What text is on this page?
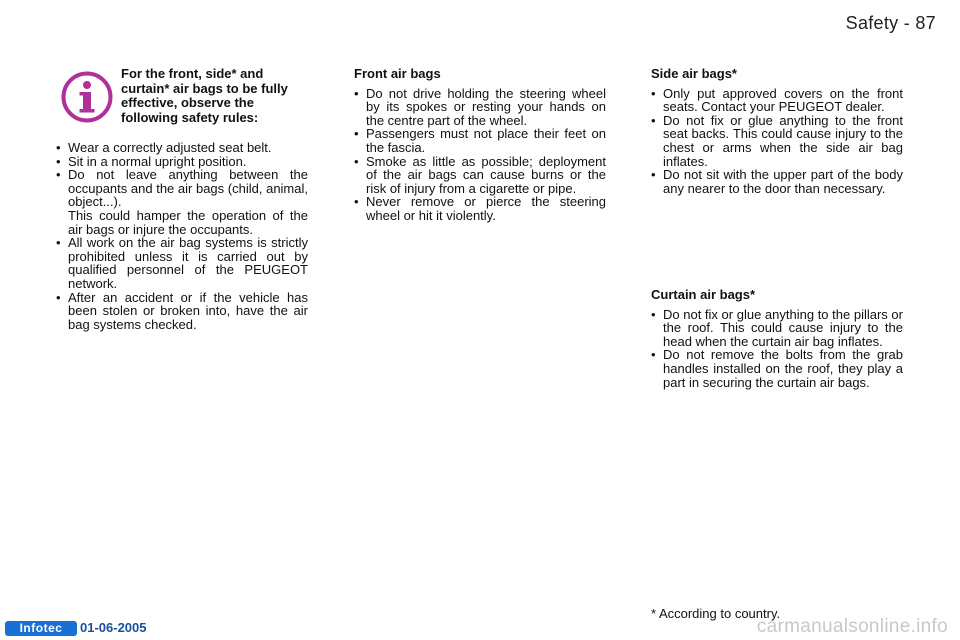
Safety - 87
For the front, side* and curtain* air bags to be fully effective, observe the following safety rules:
• Wear a correctly adjusted seat belt.
• Sit in a normal upright position.
• Do not leave anything between the occupants and the air bags (child, animal, object...).
This could hamper the operation of the air bags or injure the occupants.
• All work on the air bag systems is strictly prohibited unless it is carried out by qualified personnel of the PEUGEOT network.
• After an accident or if the vehicle has been stolen or broken into, have the air bag systems checked.
Front air bags
• Do not drive holding the steering wheel by its spokes or resting your hands on the centre part of the wheel.
• Passengers must not place their feet on the fascia.
• Smoke as little as possible; deployment of the air bags can cause burns or the risk of injury from a cigarette or pipe.
• Never remove or pierce the steering wheel or hit it violently.
Side air bags*
• Only put approved covers on the front seats. Contact your PEUGEOT dealer.
• Do not fix or glue anything to the front seat backs. This could cause injury to the chest or arms when the side air bag inflates.
• Do not sit with the upper part of the body any nearer to the door than necessary.
Curtain air bags*
• Do not fix or glue anything to the pillars or the roof. This could cause injury to the head when the curtain air bag inflates.
• Do not remove the bolts from the grab handles installed on the roof, they play a part in securing the curtain air bags.
* According to country.
Infotec	01-06-2005	carmanualsonline.info
